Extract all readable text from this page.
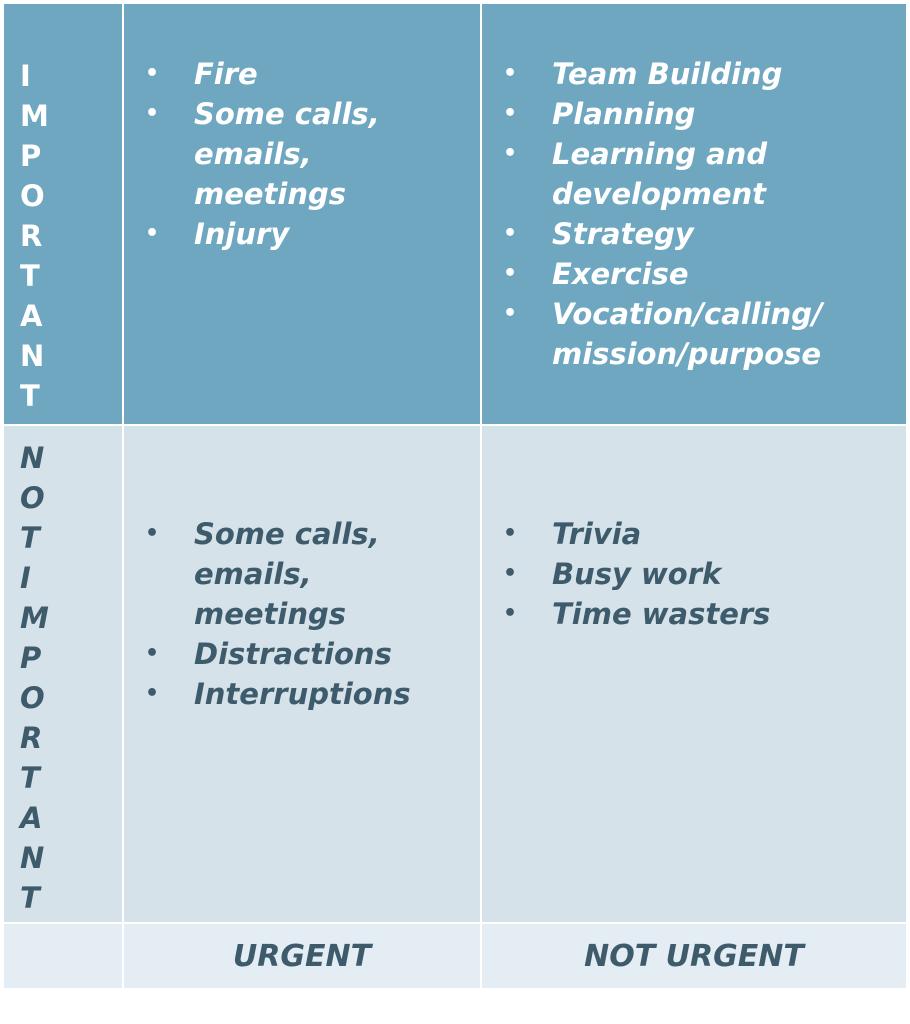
I
M
P
O
R
T
A
N
T
• Fire
• Some calls, emails, meetings
• Injury
• Team Building
• Planning
• Learning and development
• Strategy
• Exercise
• Vocation/calling/ mission/purpose
N
O
T
I
M
P
O
R
T
A
N
T
• Some calls, emails, meetings
• Distractions
• Interruptions
• Trivia
• Busy work
• Time wasters
URGENT	NOT URGENT
